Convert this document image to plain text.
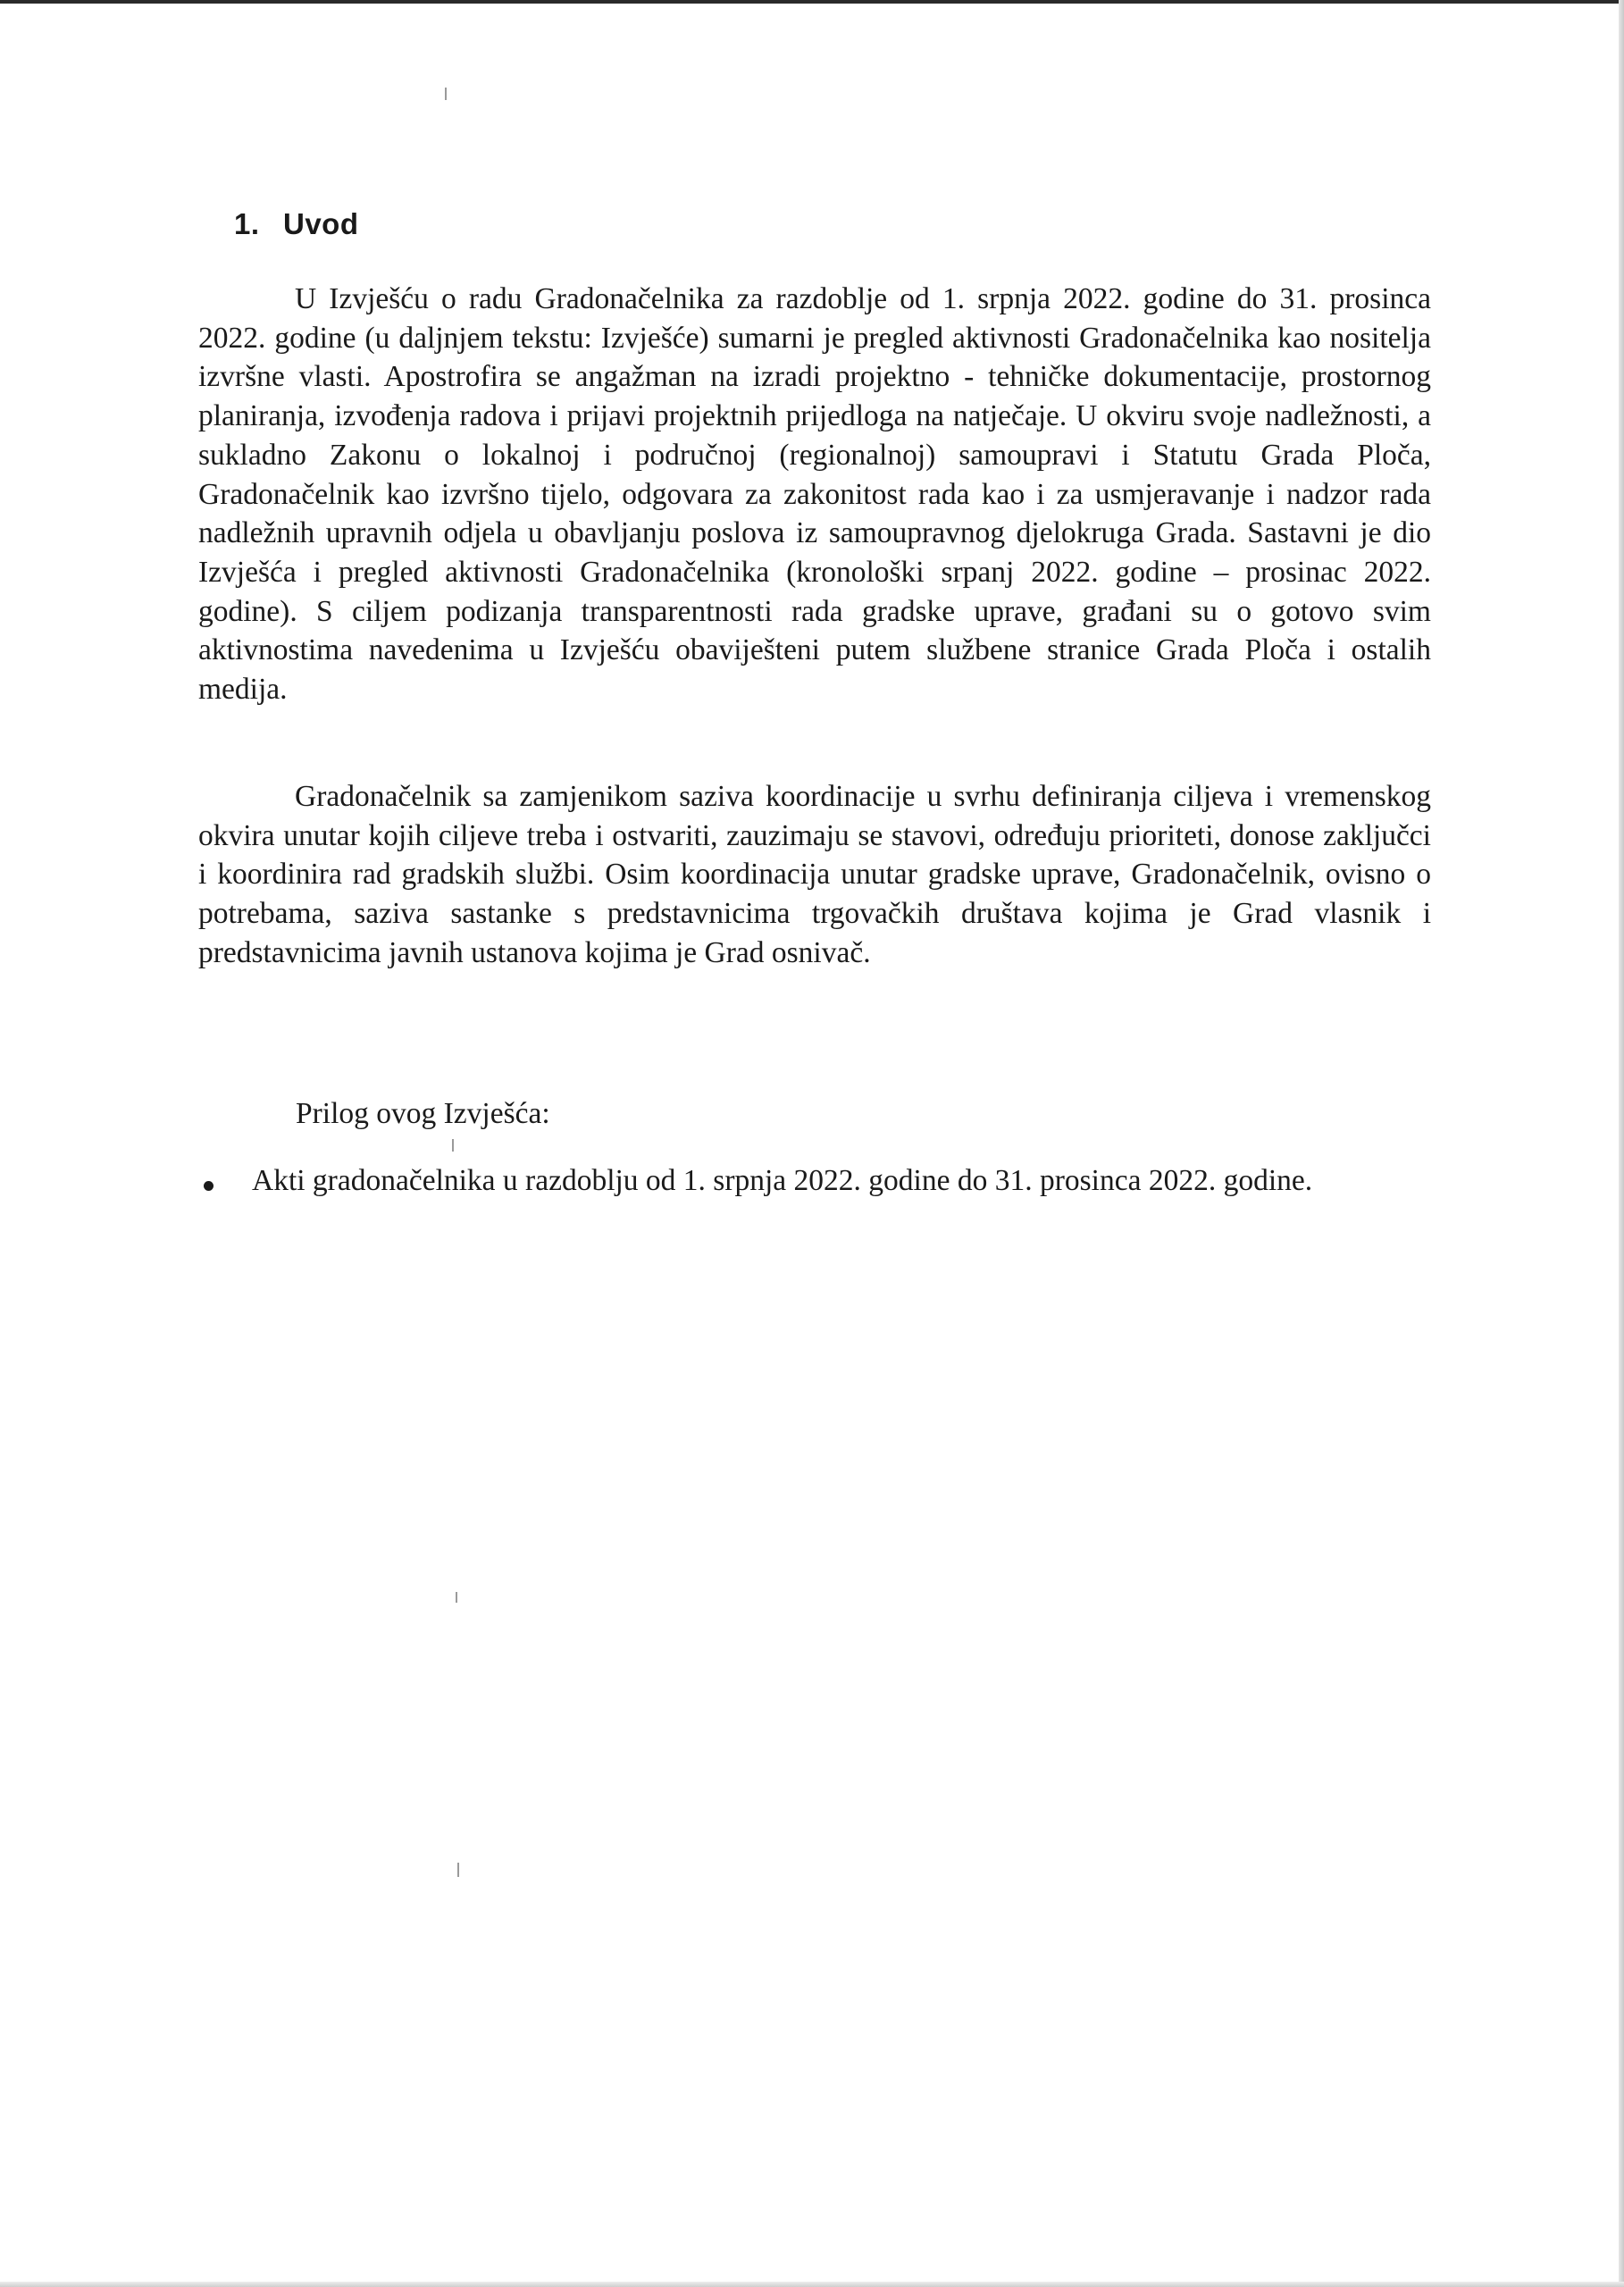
1. Uvod

U Izvješću o radu Gradonačelnika za razdoblje od 1. srpnja 2022. godine do 31. prosinca 2022. godine (u daljnjem tekstu: Izvješće) sumarni je pregled aktivnosti Gradonačelnika kao nositelja izvršne vlasti. Apostrofira se angažman na izradi projektno - tehničke dokumentacije, prostornog planiranja, izvođenja radova i prijavi projektnih prijedloga na natječaje. U okviru svoje nadležnosti, a sukladno Zakonu o lokalnoj i područnoj (regionalnoj) samoupravi i Statutu Grada Ploča, Gradonačelnik kao izvršno tijelo, odgovara za zakonitost rada kao i za usmjeravanje i nadzor rada nadležnih upravnih odjela u obavljanju poslova iz samoupravnog djelokruga Grada. Sastavni je dio Izvješća i pregled aktivnosti Gradonačelnika (kronološki srpanj 2022. godine – prosinac 2022. godine). S ciljem podizanja transparentnosti rada gradske uprave, građani su o gotovo svim aktivnostima navedenima u Izvješću obaviješteni putem službene stranice Grada Ploča i ostalih medija.

Gradonačelnik sa zamjenikom saziva koordinacije u svrhu definiranja ciljeva i vremenskog okvira unutar kojih ciljeve treba i ostvariti, zauzimaju se stavovi, određuju prioriteti, donose zaključci i koordinira rad gradskih službi. Osim koordinacija unutar gradske uprave, Gradonačelnik, ovisno o potrebama, saziva sastanke s predstavnicima trgovačkih društava kojima je Grad vlasnik i predstavnicima javnih ustanova kojima je Grad osnivač.

Prilog ovog Izvješća:
Akti gradonačelnika u razdoblju od 1. srpnja 2022. godine do 31. prosinca 2022. godine.
